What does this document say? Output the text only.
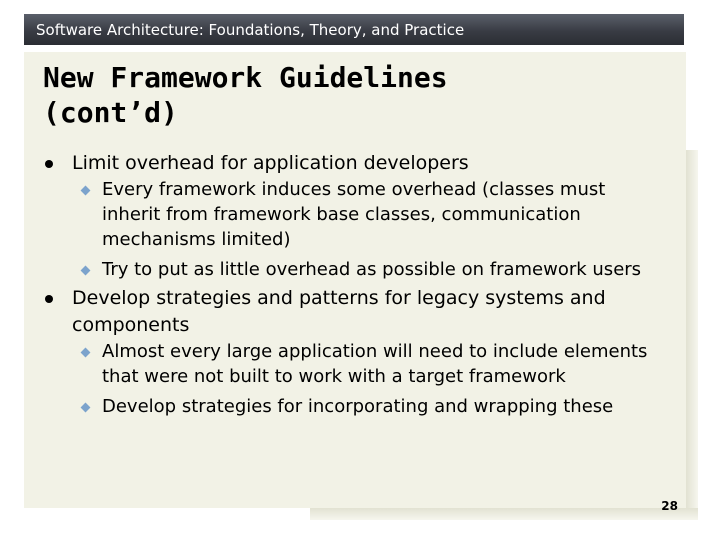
Software Architecture: Foundations, Theory, and Practice
New Framework Guidelines
(cont’d)
Limit overhead for application developers
Every framework induces some overhead (classes must inherit from framework base classes, communication mechanisms limited)
Try to put as little overhead as possible on framework users
Develop strategies and patterns for legacy systems and components
Almost every large application will need to include elements that were not built to work with a target framework
Develop strategies for incorporating and wrapping these
28
